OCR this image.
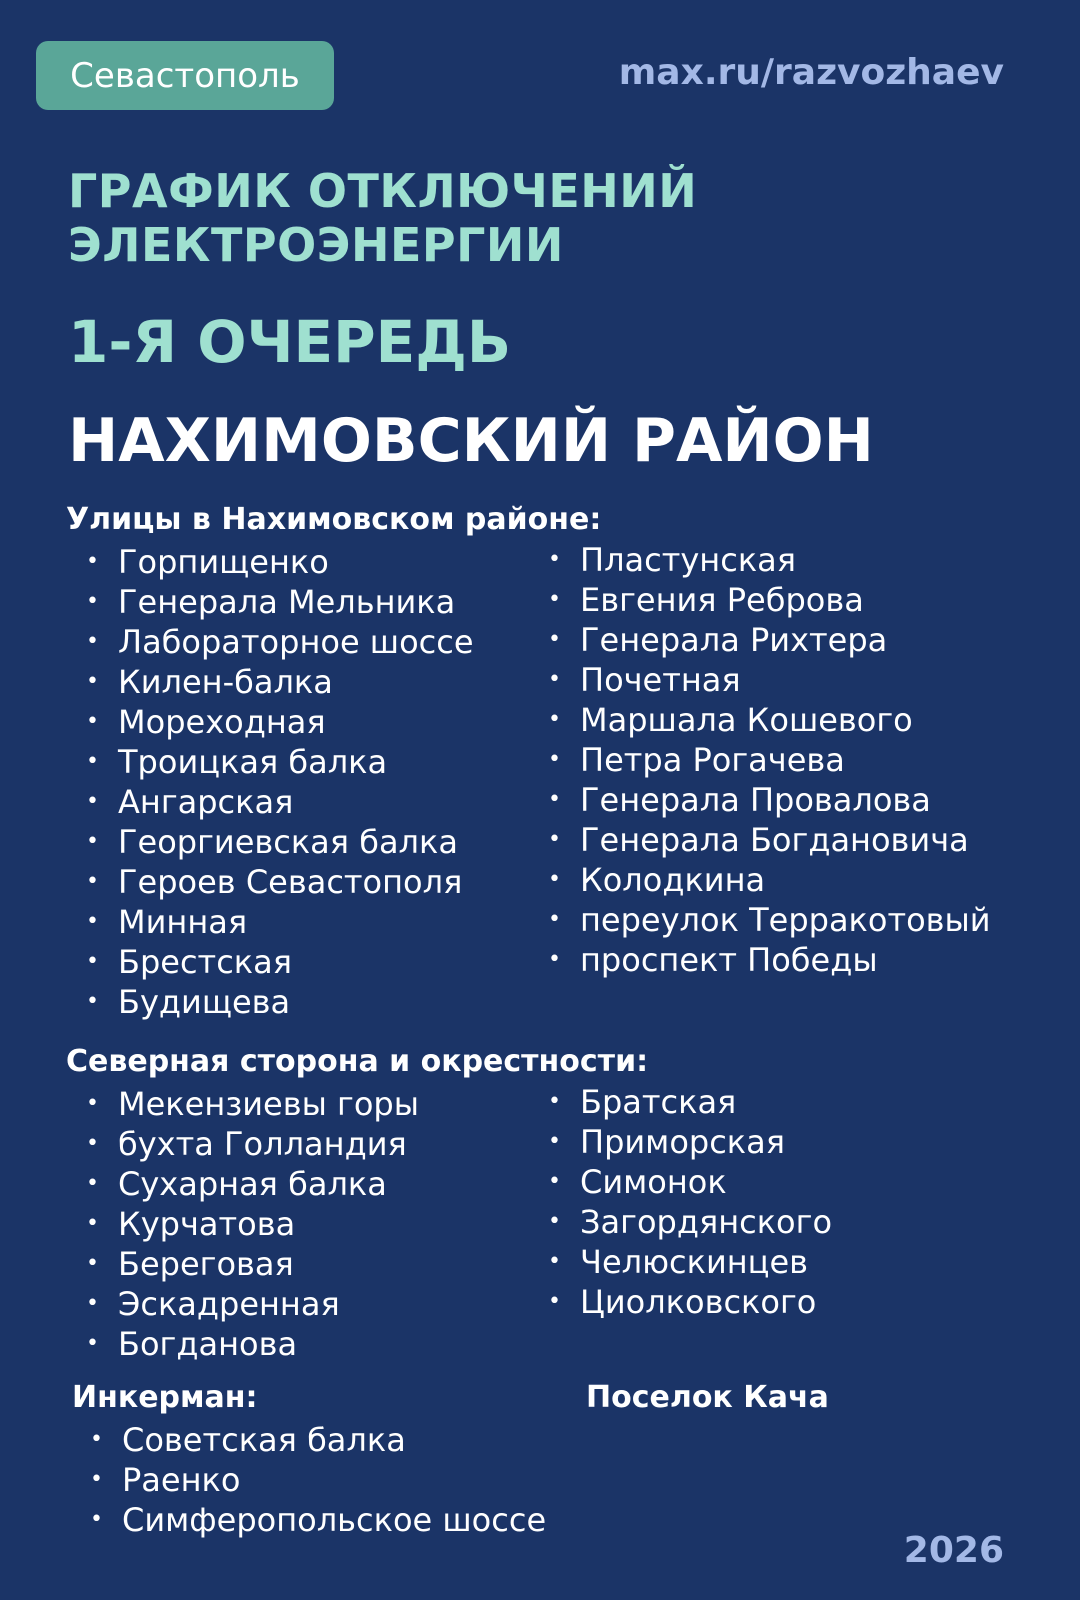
Севастополь	max.ru/razvozhaev
ГРАФИК ОТКЛЮЧЕНИЙ
ЭЛЕКТРОЭНЕРГИИ
1-Я ОЧЕРЕДЬ
НАХИМОВСКИЙ РАЙОН
Улицы в Нахимовском районе:
• Горпищенко
• Генерала Мельника
• Лабораторное шоссе
• Килен-балка
• Мореходная
• Троицкая балка
• Ангарская
• Георгиевская балка
• Героев Севастополя
• Минная
• Брестская
• Будищева
• Пластунская
• Евгения Реброва
• Генерала Рихтера
• Почетная
• Маршала Кошевого
• Петра Рогачева
• Генерала Провалова
• Генерала Богдановича
• Колодкина
• переулок Терракотовый
• проспект Победы
Северная сторона и окрестности:
• Мекензиевы горы
• бухта Голландия
• Сухарная балка
• Курчатова
• Береговая
• Эскадренная
• Богданова
• Братская
• Приморская
• Симонок
• Загордянского
• Челюскинцев
• Циолковского
Инкерман:
• Советская балка
• Раенко
• Симферопольское шоссе
Поселок Кача
2026
